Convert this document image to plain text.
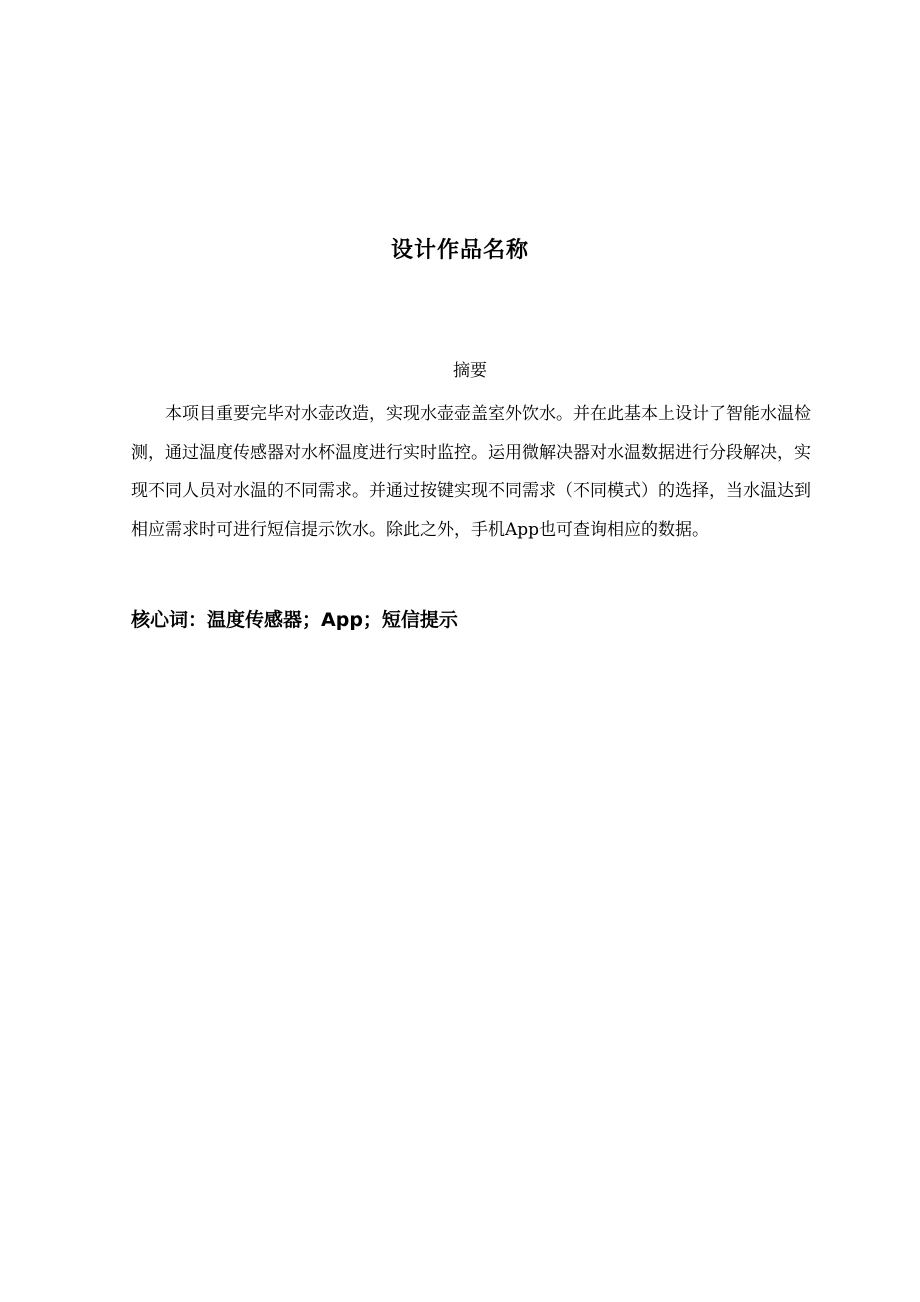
设计作品名称
摘要

本项目重要完毕对水壶改造，实现水壶壶盖室外饮水。并在此基本上设计了智能水温检测，通过温度传感器对水杯温度进行实时监控。运用微解决器对水温数据进行分段解决，实现不同人员对水温的不同需求。并通过按键实现不同需求（不同模式）的选择，当水温达到相应需求时可进行短信提示饮水。除此之外，手机App也可查询相应的数据。

核心词：温度传感器；App；短信提示
